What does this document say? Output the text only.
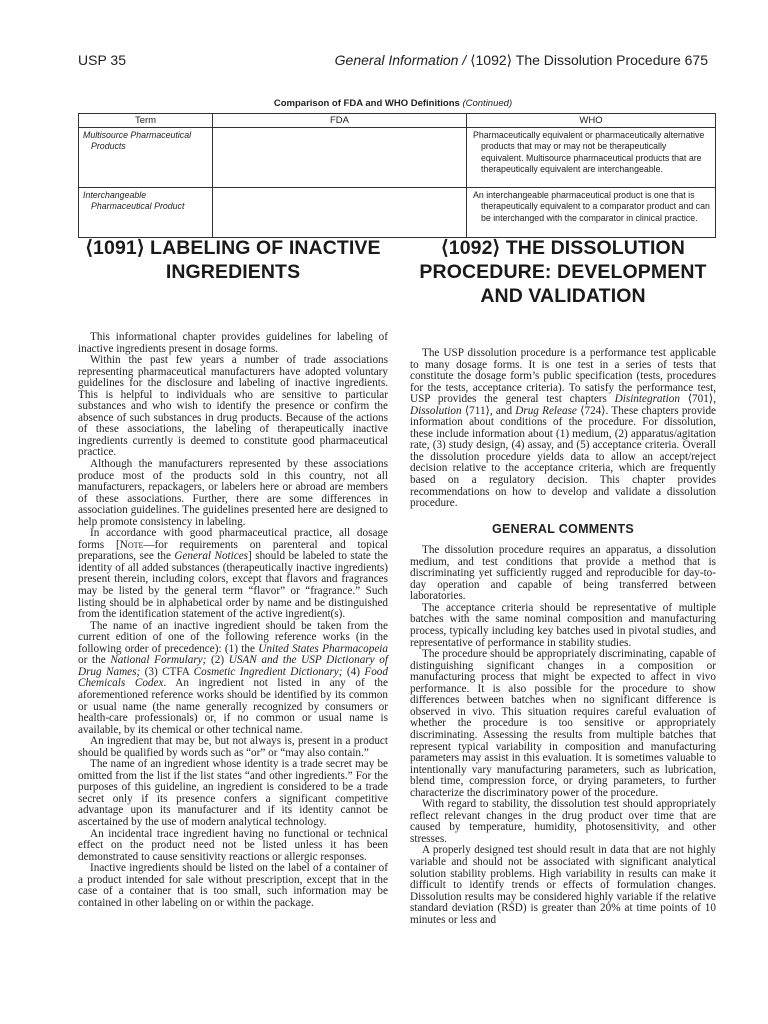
USP 35	General Information / ⟨1092⟩ The Dissolution Procedure 675
Comparison of FDA and WHO Definitions (Continued)
Term	FDA	WHO

Multisource Pharmaceutical Products		Pharmaceutically equivalent or pharmaceutically alternative products that may or may not be therapeutically equivalent. Multisource pharmaceutical products that are therapeutically equivalent are interchangeable.

Interchangeable Pharmaceutical Product		An interchangeable pharmaceutical product is one that is therapeutically equivalent to a comparator product and can be interchanged with the comparator in clinical practice.
⟨1091⟩ LABELING OF INACTIVE INGREDIENTS

This informational chapter provides guidelines for labeling of inactive ingredients present in dosage forms.

Within the past few years a number of trade associations representing pharmaceutical manufacturers have adopted voluntary guidelines for the disclosure and labeling of inactive ingredients. This is helpful to individuals who are sensitive to particular substances and who wish to identify the presence or confirm the absence of such substances in drug products. Because of the actions of these associations, the labeling of therapeutically inactive ingredients currently is deemed to constitute good pharmaceutical practice.

Although the manufacturers represented by these associations produce most of the products sold in this country, not all manufacturers, repackagers, or labelers here or abroad are members of these associations. Further, there are some differences in association guidelines. The guidelines presented here are designed to help promote consistency in labeling.

In accordance with good pharmaceutical practice, all dosage forms [Note—for requirements on parenteral and topical preparations, see the General Notices] should be labeled to state the identity of all added substances (therapeutically inactive ingredients) present therein, including colors, except that flavors and fragrances may be listed by the general term “flavor” or “fragrance.” Such listing should be in alphabetical order by name and be distinguished from the identification statement of the active ingredient(s).

The name of an inactive ingredient should be taken from the current edition of one of the following reference works (in the following order of precedence): (1) the United States Pharmacopeia or the National Formulary; (2) USAN and the USP Dictionary of Drug Names; (3) CTFA Cosmetic Ingredient Dictionary; (4) Food Chemicals Codex. An ingredient not listed in any of the aforementioned reference works should be identified by its common or usual name (the name generally recognized by consumers or health-care professionals) or, if no common or usual name is available, by its chemical or other technical name.

An ingredient that may be, but not always is, present in a product should be qualified by words such as “or” or “may also contain.”

The name of an ingredient whose identity is a trade secret may be omitted from the list if the list states “and other ingredients.” For the purposes of this guideline, an ingredient is considered to be a trade secret only if its presence confers a significant competitive advantage upon its manufacturer and if its identity cannot be ascertained by the use of modern analytical technology.

An incidental trace ingredient having no functional or technical effect on the product need not be listed unless it has been demonstrated to cause sensitivity reactions or allergic responses.

Inactive ingredients should be listed on the label of a container of a product intended for sale without prescription, except that in the case of a container that is too small, such information may be contained in other labeling on or within the package.

⟨1092⟩ THE DISSOLUTION PROCEDURE: DEVELOPMENT AND VALIDATION

The USP dissolution procedure is a performance test applicable to many dosage forms. It is one test in a series of tests that constitute the dosage form’s public specification (tests, procedures for the tests, acceptance criteria). To satisfy the performance test, USP provides the general test chapters Disintegration ⟨701⟩, Dissolution ⟨711⟩, and Drug Release ⟨724⟩. These chapters provide information about conditions of the procedure. For dissolution, these include information about (1) medium, (2) apparatus/agitation rate, (3) study design, (4) assay, and (5) acceptance criteria. Overall the dissolution procedure yields data to allow an accept/reject decision relative to the acceptance criteria, which are frequently based on a regulatory decision. This chapter provides recommendations on how to develop and validate a dissolution procedure.

GENERAL COMMENTS

The dissolution procedure requires an apparatus, a dissolution medium, and test conditions that provide a method that is discriminating yet sufficiently rugged and reproducible for day-to-day operation and capable of being transferred between laboratories.

The acceptance criteria should be representative of multiple batches with the same nominal composition and manufacturing process, typically including key batches used in pivotal studies, and representative of performance in stability studies.

The procedure should be appropriately discriminating, capable of distinguishing significant changes in a composition or manufacturing process that might be expected to affect in vivo performance. It is also possible for the procedure to show differences between batches when no significant difference is observed in vivo. This situation requires careful evaluation of whether the procedure is too sensitive or appropriately discriminating. Assessing the results from multiple batches that represent typical variability in composition and manufacturing parameters may assist in this evaluation. It is sometimes valuable to intentionally vary manufacturing parameters, such as lubrication, blend time, compression force, or drying parameters, to further characterize the discriminatory power of the procedure.

With regard to stability, the dissolution test should appropriately reflect relevant changes in the drug product over time that are caused by temperature, humidity, photosensitivity, and other stresses.

A properly designed test should result in data that are not highly variable and should not be associated with significant analytical solution stability problems. High variability in results can make it difficult to identify trends or effects of formulation changes. Dissolution results may be considered highly variable if the relative standard deviation (RSD) is greater than 20% at time points of 10 minutes or less and
